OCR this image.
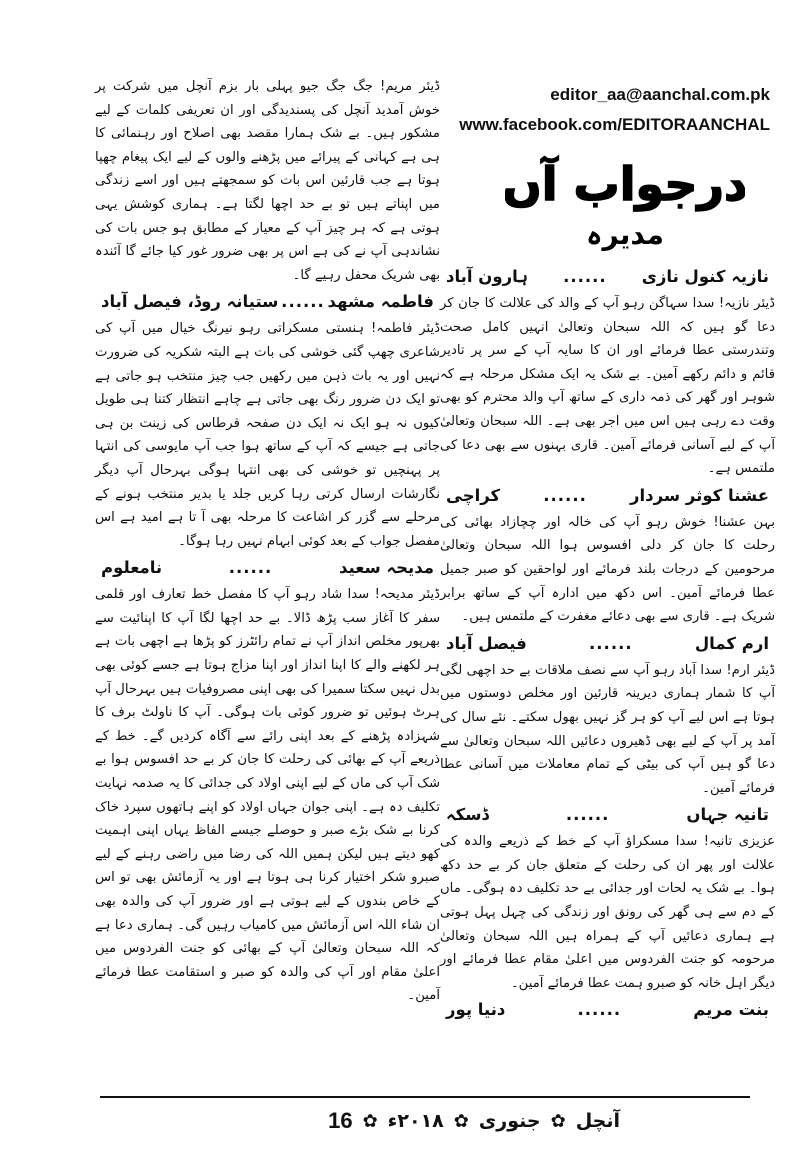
editor_aa@aanchal.com.pk
www.facebook.com/EDITORAANCHAL
درجواب آں
مدیرہ
نازیہ کنول نازی
......
ہارون آباد

ڈیئر نازیہ! سدا سہاگن رہو آپ کے والد کی علالت کا جان کر دعا گو ہیں کہ اللہ سبحان وتعالیٰ انہیں کامل صحت وتندرستی عطا فرمائے اور ان کا سایہ آپ کے سر پر تادیر قائم و دائم رکھے آمین۔ بے شک یہ ایک مشکل مرحلہ ہے کہ شوہر اور گھر کی ذمہ داری کے ساتھ آپ والد محترم کو بھی وقت دے رہی ہیں اس میں اجر بھی ہے۔ اللہ سبحان وتعالیٰ آپ کے لیے آسانی فرمائے آمین۔ قاری بہنوں سے بھی دعا کی ملتمس ہے۔

عشنا کوثر سردار
......
کراچی

بہن عشنا! خوش رہو آپ کی خالہ اور چچازاد بھائی کی رحلت کا جان کر دلی افسوس ہوا اللہ سبحان وتعالیٰ مرحومین کے درجات بلند فرمائے اور لواحقین کو صبر جمیل عطا فرمائے آمین۔ اس دکھ میں ادارہ آپ کے ساتھ برابر شریک ہے۔ قاری سے بھی دعائے مغفرت کے ملتمس ہیں۔

ارم کمال
......
فیصل آباد

ڈیئر ارم! سدا آباد رہو آپ سے نصف ملاقات بے حد اچھی لگی آپ کا شمار ہماری دیرینہ قارئین اور مخلص دوستوں میں ہوتا ہے اس لیے آپ کو ہر گز نہیں بھول سکتے۔ نئے سال کی آمد پر آپ کے لیے بھی ڈھیروں دعائیں اللہ سبحان وتعالیٰ سے دعا گو ہیں آپ کی بیٹی کے تمام معاملات میں آسانی عطا فرمائے آمین۔

تانیہ جہاں
......
ڈسکہ

عزیزی تانیہ! سدا مسکراؤ آپ کے خط کے ذریعے والدہ کی علالت اور پھر ان کی رحلت کے متعلق جان کر بے حد دکھ ہوا۔ بے شک یہ لحات اور جدائی بے حد تکلیف دہ ہوگی۔ ماں کے دم سے ہی گھر کی رونق اور زندگی کی چہل پہل ہوتی ہے ہماری دعائیں آپ کے ہمراہ ہیں اللہ سبحان وتعالیٰ مرحومہ کو جنت الفردوس میں اعلیٰ مقام عطا فرمائے اور دیگر اہل خانہ کو صبرو ہمت عطا فرمائے آمین۔

بنت مریم
......
دنیا پور

ڈیئر مریم! جگ جگ جیو پہلی بار بزم آنچل میں شرکت پر خوش آمدید آنچل کی پسندیدگی اور ان تعریفی کلمات کے لیے مشکور ہیں۔ بے شک ہمارا مقصد بھی اصلاح اور رہنمائی کا ہی ہے کہانی کے پیرائے میں پڑھنے والوں کے لیے ایک پیغام چھپا ہوتا ہے جب قارئین اس بات کو سمجھتے ہیں اور اسے زندگی میں اپناتے ہیں تو بے حد اچھا لگتا ہے۔ ہماری کوشش یہی ہوتی ہے کہ ہر چیز آپ کے معیار کے مطابق ہو جس بات کی نشاندہی آپ نے کی ہے اس پر بھی ضرور غور کیا جائے گا آئندہ بھی شریک محفل رہیے گا۔

فاطمہ مشھد
......
ستیانہ روڈ، فیصل آباد

ڈیئر فاطمہ! ہنستی مسکراتی رہو نیرنگ خیال میں آپ کی شاعری چھپ گئی خوشی کی بات ہے البتہ شکریہ کی ضرورت نہیں اور یہ بات ذہن میں رکھیں جب چیز منتخب ہو جاتی ہے تو ایک دن ضرور رنگ بھی جاتی ہے چاہے انتظار کتنا ہی طویل کیوں نہ ہو ایک نہ ایک دن صفحہ قرطاس کی زینت بن ہی جاتی ہے جیسے کہ آپ کے ساتھ ہوا جب آپ مایوسی کی انتہا پر پہنچیں تو خوشی کی بھی انتہا ہوگی بہرحال آپ دیگر نگارشات ارسال کرتی رہا کریں جلد یا بدیر منتخب ہونے کے مرحلے سے گزر کر اشاعت کا مرحلہ بھی آ تا ہے امید ہے اس مفصل جواب کے بعد کوئی ابہام نہیں رہا ہوگا۔

مدیحہ سعید
......
نامعلوم

ڈیئر مدیحہ! سدا شاد رہو آپ کا مفصل خط تعارف اور قلمی سفر کا آغاز سب پڑھ ڈالا۔ بے حد اچھا لگا آپ کا اپنائیت سے بھرپور مخلص انداز آپ نے تمام رائٹرز کو پڑھا ہے اچھی بات ہے ہر لکھنے والے کا اپنا انداز اور اپنا مزاج ہوتا ہے جسے کوئی بھی بدل نہیں سکتا سمیرا کی بھی اپنی مصروفیات ہیں بہرحال آپ ہرٹ ہوئیں تو ضرور کوئی بات ہوگی۔ آپ کا ناولٹ برف کا شہزادہ پڑھنے کے بعد اپنی رائے سے آگاہ کردیں گے۔ خط کے ذریعے آپ کے بھائی کی رحلت کا جان کر بے حد افسوس ہوا بے شک آپ کی ماں کے لیے اپنی اولاد کی جدائی کا یہ صدمہ نہایت تکلیف دہ ہے۔ اپنی جوان جہاں اولاد کو اپنے ہاتھوں سپرد خاک کرنا بے شک بڑے صبر و حوصلے جیسے الفاظ یہاں اپنی اہمیت کھو دیتے ہیں لیکن ہمیں اللہ کی رضا میں راضی رہنے کے لیے صبرو شکر اختیار کرنا ہی ہوتا ہے اور یہ آزمائش بھی تو اس کے خاص بندوں کے لیے ہوتی ہے اور ضرور آپ کی والدہ بھی ان شاء اللہ اس آزمائش میں کامیاب رہیں گی۔ ہماری دعا ہے کہ اللہ سبحان وتعالیٰ آپ کے بھائی کو جنت الفردوس میں اعلیٰ مقام اور آپ کی والدہ کو صبر و استقامت عطا فرمائے آمین۔

آنچل
✿
جنوری
✿
۲۰۱۸ء
✿
16
